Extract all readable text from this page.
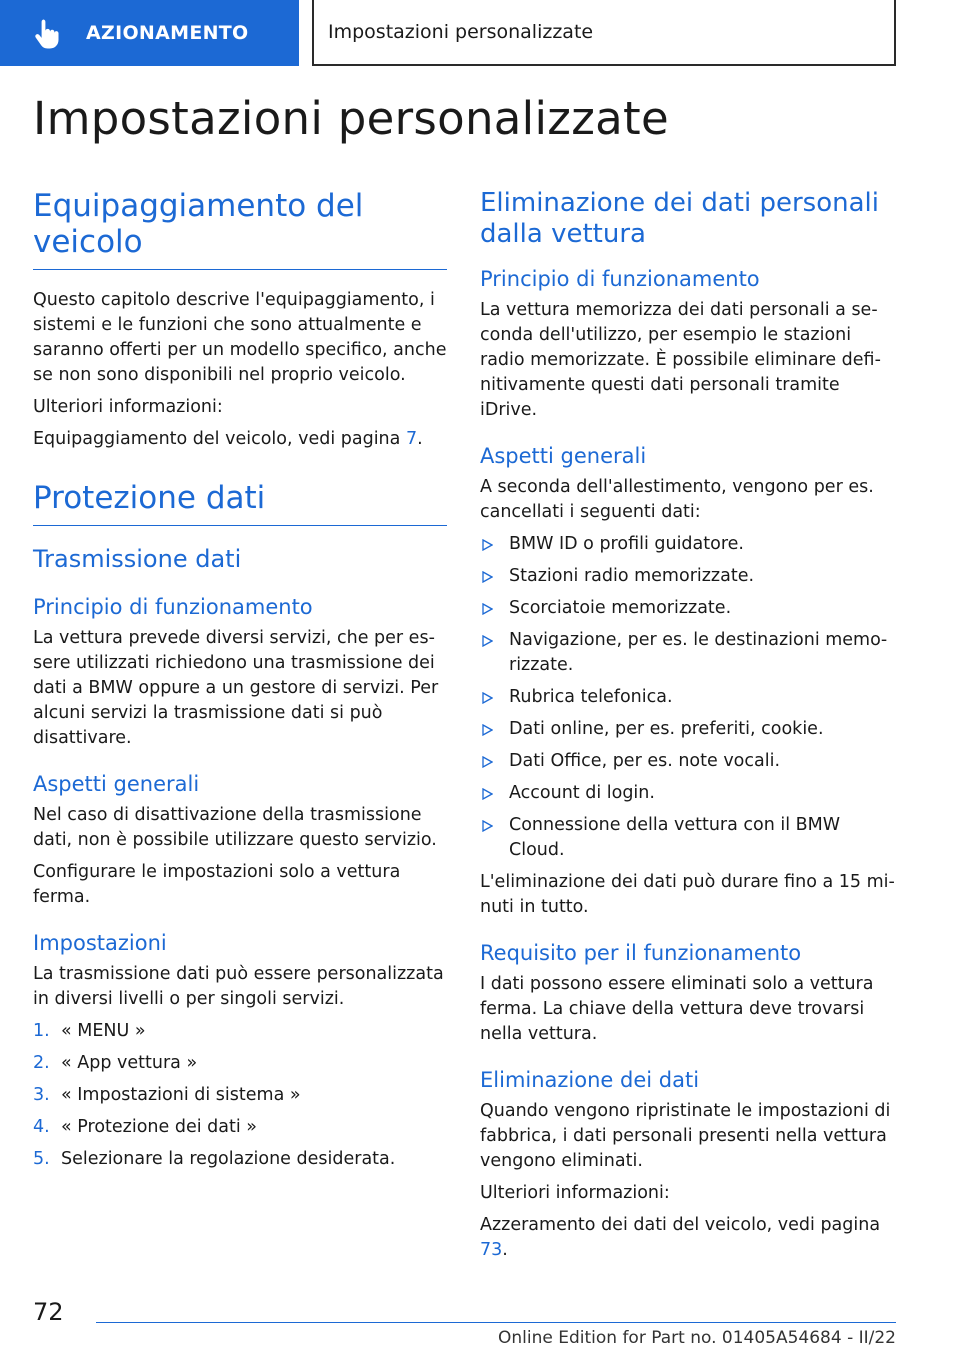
AZIONAMENTO	Impostazioni personalizzate
Impostazioni personalizzate
Equipaggiamento del
veicolo

Questo capitolo descrive l'equipaggiamento, i sistemi e le funzioni che sono attualmente e saranno offerti per un modello specifico, anche se non sono disponibili nel proprio veicolo.

Ulteriori informazioni:

Equipaggiamento del veicolo, vedi pagina 7.

Protezione dati
Trasmissione dati
Principio di funzionamento

La vettura prevede diversi servizi, che per essere utilizzati richiedono una trasmissione dei dati a BMW oppure a un gestore di servizi. Per alcuni servizi la trasmissione dati si può disattivare.

Aspetti generali

Nel caso di disattivazione della trasmissione dati, non è possibile utilizzare questo servizio.

Configurare le impostazioni solo a vettura ferma.

Impostazioni

La trasmissione dati può essere personalizzata in diversi livelli o per singoli servizi.

1. « MENU »
2. « App vettura »
3. « Impostazioni di sistema »
4. « Protezione dei dati »
5. Selezionare la regolazione desiderata.
Eliminazione dei dati personali dalla vettura
Principio di funzionamento

La vettura memorizza dei dati personali a seconda dell'utilizzo, per esempio le stazioni radio memorizzate. È possibile eliminare definitivamente questi dati personali tramite iDrive.

Aspetti generali

A seconda dell'allestimento, vengono per es. cancellati i seguenti dati:

BMW ID o profili guidatore.
Stazioni radio memorizzate.
Scorciatoie memorizzate.
Navigazione, per es. le destinazioni memorizzate.
Rubrica telefonica.
Dati online, per es. preferiti, cookie.
Dati Office, per es. note vocali.
Account di login.
Connessione della vettura con il BMW Cloud.

L'eliminazione dei dati può durare fino a 15 minuti in tutto.

Requisito per il funzionamento

I dati possono essere eliminati solo a vettura ferma. La chiave della vettura deve trovarsi nella vettura.

Eliminazione dei dati

Quando vengono ripristinate le impostazioni di fabbrica, i dati personali presenti nella vettura vengono eliminati.

Ulteriori informazioni:

Azzeramento dei dati del veicolo, vedi pagina 73.

72
Online Edition for Part no. 01405A54684 - II/22
